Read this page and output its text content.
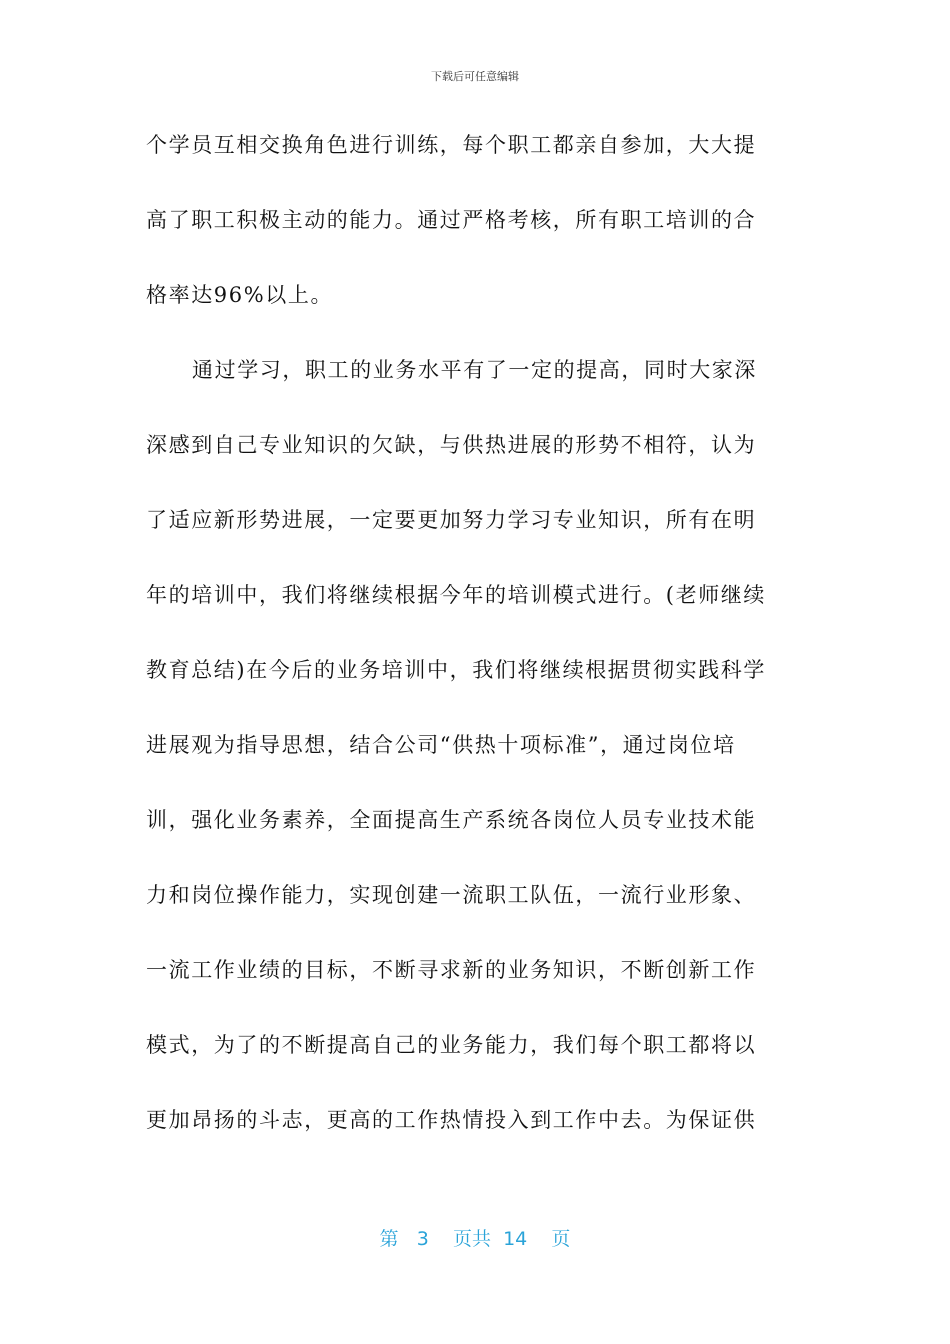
下载后可任意编辑
个学员互相交换角色进行训练，每个职工都亲自参加，大大提
高了职工积极主动的能力。通过严格考核，所有职工培训的合
格率达96%以上。
通过学习，职工的业务水平有了一定的提高，同时大家深
深感到自己专业知识的欠缺，与供热进展的形势不相符，认为
了适应新形势进展，一定要更加努力学习专业知识，所有在明
年的培训中，我们将继续根据今年的培训模式进行。(老师继续
教育总结)在今后的业务培训中，我们将继续根据贯彻实践科学
进展观为指导思想，结合公司“供热十项标准”，通过岗位培
训，强化业务素养，全面提高生产系统各岗位人员专业技术能
力和岗位操作能力，实现创建一流职工队伍，一流行业形象、
一流工作业绩的目标，不断寻求新的业务知识，不断创新工作
模式，为了的不断提高自己的业务能力，我们每个职工都将以
更加昂扬的斗志，更高的工作热情投入到工作中去。为保证供
第 3 页共 14 页
